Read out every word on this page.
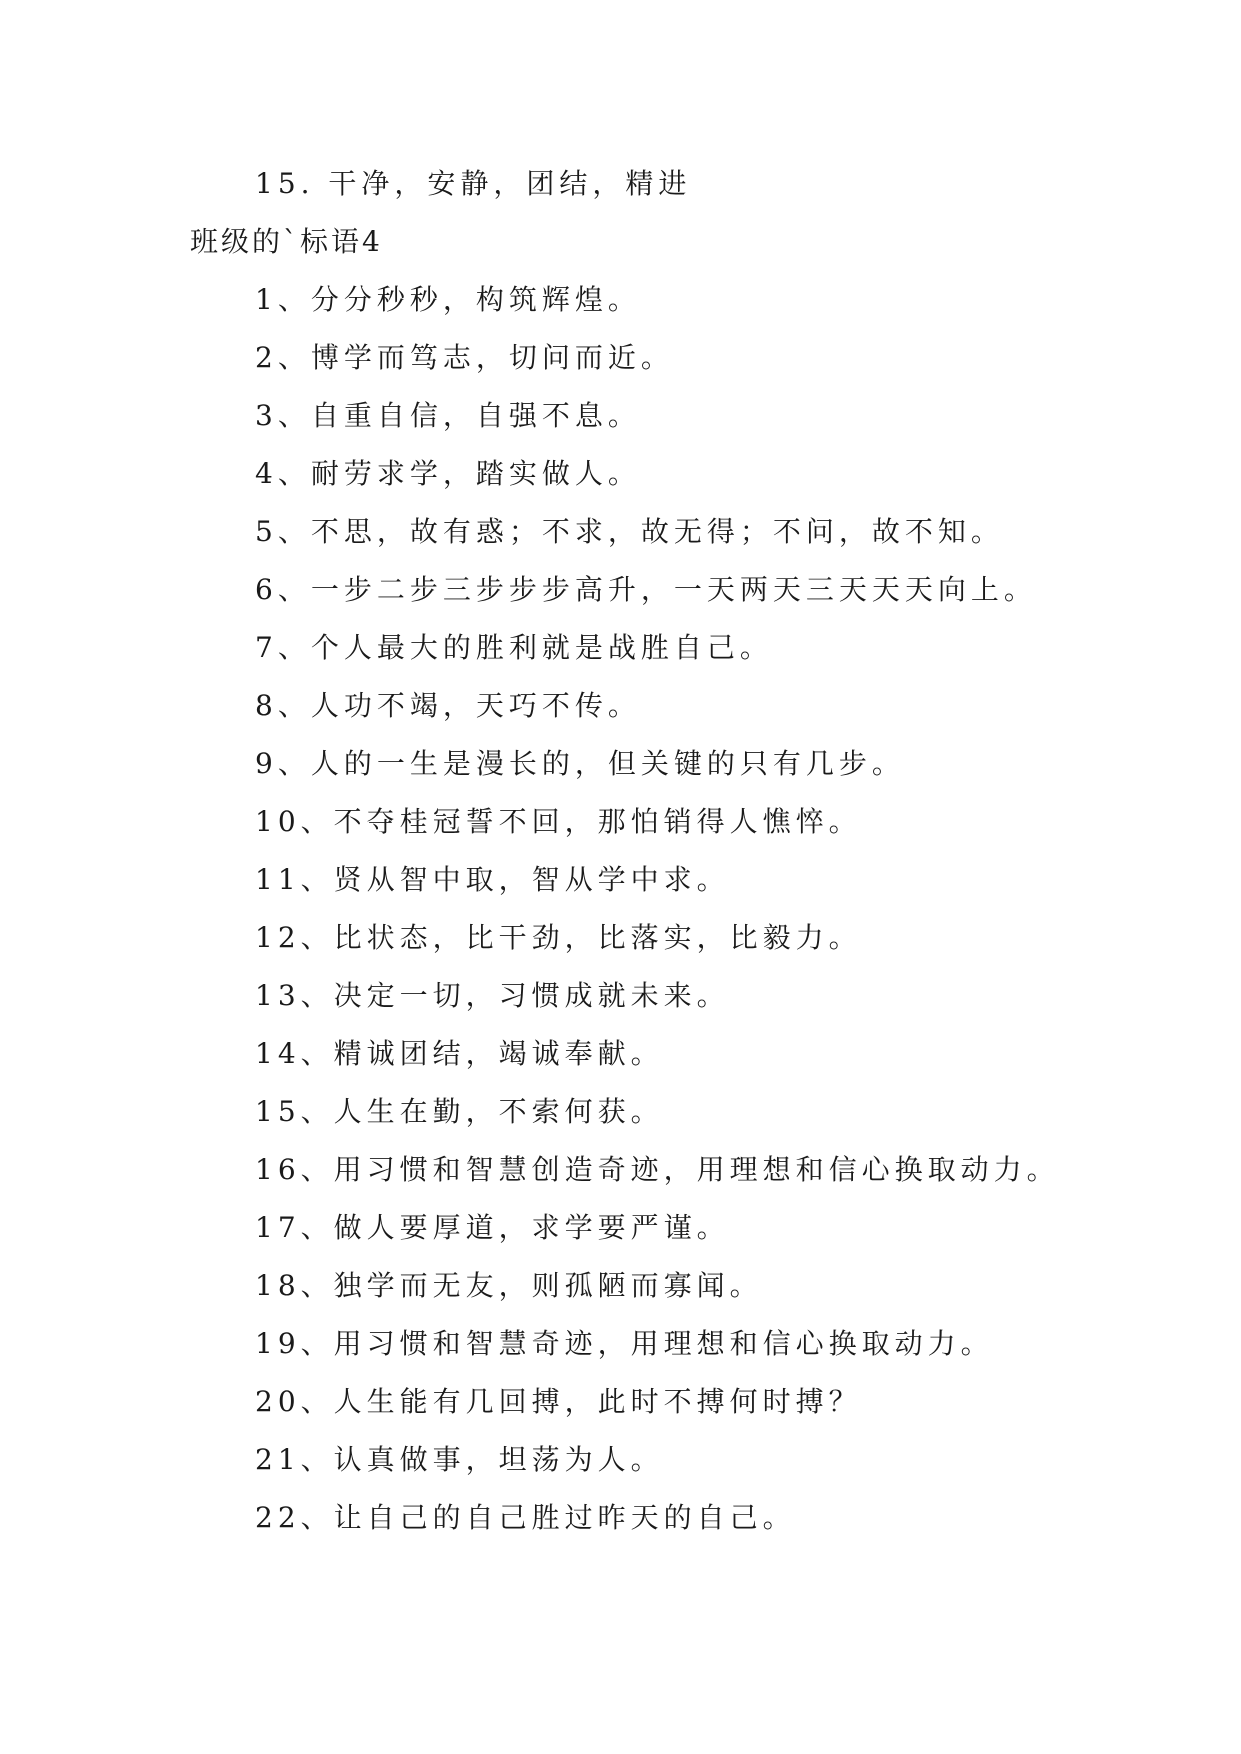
15. 干净，安静，团结，精进
班级的`标语4
1、分分秒秒，构筑辉煌。
2、博学而笃志，切问而近。
3、自重自信，自强不息。
4、耐劳求学，踏实做人。
5、不思，故有惑；不求，故无得；不问，故不知。
6、一步二步三步步步高升，一天两天三天天天向上。
7、个人最大的胜利就是战胜自己。
8、人功不竭，天巧不传。
9、人的一生是漫长的，但关键的只有几步。
10、不夺桂冠誓不回，那怕销得人憔悴。
11、贤从智中取，智从学中求。
12、比状态，比干劲，比落实，比毅力。
13、决定一切，习惯成就未来。
14、精诚团结，竭诚奉献。
15、人生在勤，不索何获。
16、用习惯和智慧创造奇迹，用理想和信心换取动力。
17、做人要厚道，求学要严谨。
18、独学而无友，则孤陋而寡闻。
19、用习惯和智慧奇迹，用理想和信心换取动力。
20、人生能有几回搏，此时不搏何时搏？
21、认真做事，坦荡为人。
22、让自己的自己胜过昨天的自己。
